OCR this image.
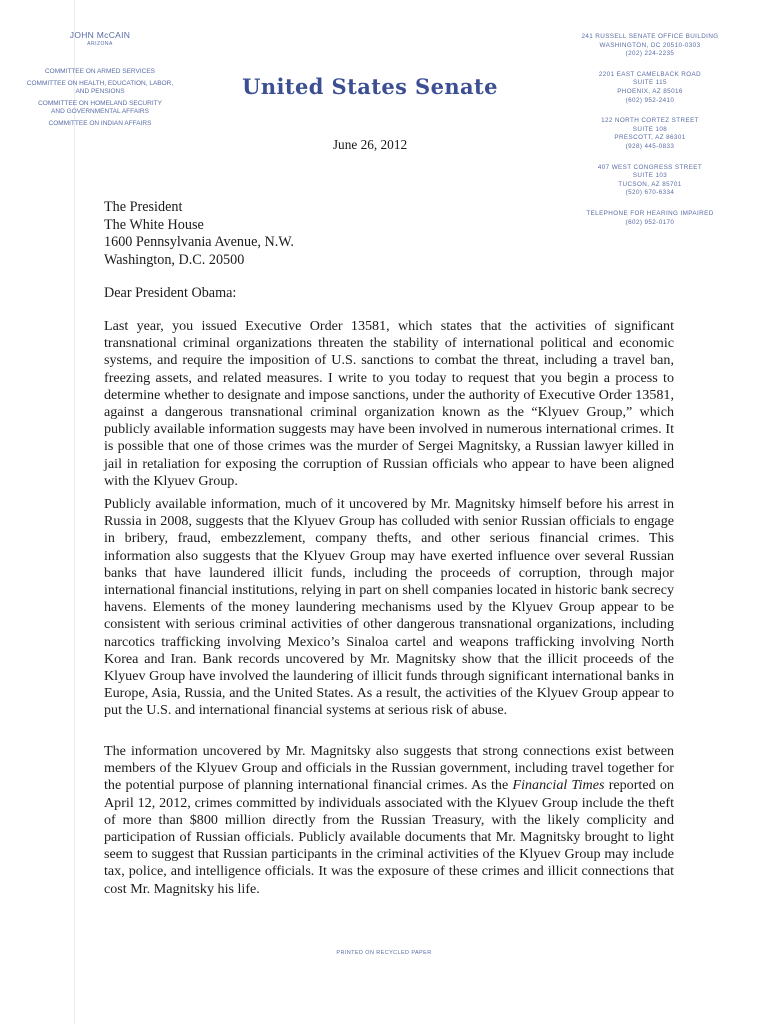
JOHN McCAIN
ARIZONA
COMMITTEE ON ARMED SERVICES
COMMITTEE ON HEALTH, EDUCATION, LABOR, AND PENSIONS
COMMITTEE ON HOMELAND SECURITY AND GOVERNMENTAL AFFAIRS
COMMITTEE ON INDIAN AFFAIRS
United States Senate
June 26, 2012
241 RUSSELL SENATE OFFICE BUILDING
WASHINGTON, DC 20510-0303
(202) 224-2235
2201 EAST CAMELBACK ROAD
SUITE 115
PHOENIX, AZ 85016
(602) 952-2410
122 NORTH CORTEZ STREET
SUITE 108
PRESCOTT, AZ 86301
(928) 445-0833
407 WEST CONGRESS STREET
SUITE 103
TUCSON, AZ 85701
(520) 670-6334
TELEPHONE FOR HEARING IMPAIRED
(602) 952-0170
The President
The White House
1600 Pennsylvania Avenue, N.W.
Washington, D.C. 20500
Dear President Obama:
Last year, you issued Executive Order 13581, which states that the activities of significant transnational criminal organizations threaten the stability of international political and economic systems, and require the imposition of U.S. sanctions to combat the threat, including a travel ban, freezing assets, and related measures. I write to you today to request that you begin a process to determine whether to designate and impose sanctions, under the authority of Executive Order 13581, against a dangerous transnational criminal organization known as the “Klyuev Group,” which publicly available information suggests may have been involved in numerous international crimes. It is possible that one of those crimes was the murder of Sergei Magnitsky, a Russian lawyer killed in jail in retaliation for exposing the corruption of Russian officials who appear to have been aligned with the Klyuev Group.
Publicly available information, much of it uncovered by Mr. Magnitsky himself before his arrest in Russia in 2008, suggests that the Klyuev Group has colluded with senior Russian officials to engage in bribery, fraud, embezzlement, company thefts, and other serious financial crimes. This information also suggests that the Klyuev Group may have exerted influence over several Russian banks that have laundered illicit funds, including the proceeds of corruption, through major international financial institutions, relying in part on shell companies located in historic bank secrecy havens. Elements of the money laundering mechanisms used by the Klyuev Group appear to be consistent with serious criminal activities of other dangerous transnational organizations, including narcotics trafficking involving Mexico’s Sinaloa cartel and weapons trafficking involving North Korea and Iran. Bank records uncovered by Mr. Magnitsky show that the illicit proceeds of the Klyuev Group have involved the laundering of illicit funds through significant international banks in Europe, Asia, Russia, and the United States. As a result, the activities of the Klyuev Group appear to put the U.S. and international financial systems at serious risk of abuse.
The information uncovered by Mr. Magnitsky also suggests that strong connections exist between members of the Klyuev Group and officials in the Russian government, including travel together for the potential purpose of planning international financial crimes. As the Financial Times reported on April 12, 2012, crimes committed by individuals associated with the Klyuev Group include the theft of more than $800 million directly from the Russian Treasury, with the likely complicity and participation of Russian officials. Publicly available documents that Mr. Magnitsky brought to light seem to suggest that Russian participants in the criminal activities of the Klyuev Group may include tax, police, and intelligence officials. It was the exposure of these crimes and illicit connections that cost Mr. Magnitsky his life.
PRINTED ON RECYCLED PAPER
